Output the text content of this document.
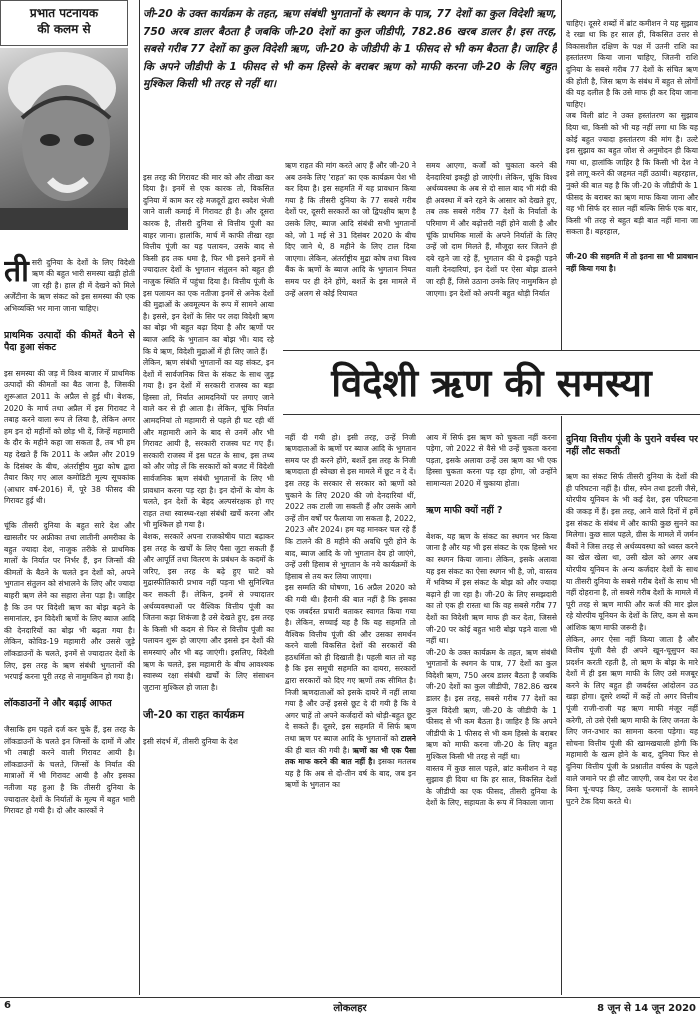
प्रभात पटनायक
की कलम से
जी-20 के उक्त कार्यक्रम के तहत, ऋण संबंधी भुगतानों के स्थगन के पात्र, 77 देशों का कुल विदेशी ऋण, 750 अरब डालर बैठता है जबकि जी-20 देशों का कुल जीडीपी, 782.86 खरब डालर है। इस तरह, सबसे गरीब 77 देशों का कुल विदेशी ऋण, जी-20 के जीडीपी के 1 फीसद से भी कम बैठता है। जाहिर है कि अपने जीडीपी के 1 फीसद से भी कम हिस्से के बराबर ऋण को माफी करना जी-20 के लिए बहुत मुश्किल किसी भी तरह से नहीं था।

तीसरी दुनिया के देशों के लिए विदेशी ऋण की बहुत भारी समस्या खड़ी होती जा रही है। हाल ही में देखने को मिले अर्जेंटीना के ऋण संकट को इस समस्या की एक अभिव्यक्ति भर माना जाना चाहिए।

प्राथमिक उत्पादों की कीमतें बैठने से पैदा हुआ संकट

इस समस्या की जड़ में विश्व बाजार में प्राथमिक उत्पादों की कीमतों का बैठ जाना है, जिसकी शुरूआत 2011 के अप्रैल से हुई थी। बेशक, 2020 के मार्च तथा अप्रैल में इस गिरावट ने तबाह करने वाला रूप ले लिया है, लेकिन अगर हम इन दो महीनों को छोड़ भी दें, जिन्हें महामारी के दौर के महीने कहा जा सकता है, तब भी हम यह देखते हैं कि 2011 के अप्रैल और 2019 के दिसंबर के बीच, अंतर्राष्ट्रीय मुद्रा कोष द्वारा तैयार किए गए आल कमोडिटी मूल्य सूचकांक (आधार वर्ष-2016) में, पूरे 38 फीसद की गिरावट हुई थी।

चूंकि तीसरी दुनिया के बहुत सारे देश और खासतौर पर अफ्रीका तथा लातीनी अमरीका के बहुत ज्यादा देश, नाजुक तरीके से प्राथमिक मालों के निर्यात पर निर्भर हैं, इन जिन्सों की कीमतों के बैठने के चलते इन देशों को, अपने भुगतान संतुलन को संभालने के लिए और ज्यादा बाहरी ऋण लेने का सहारा लेना पड़ा है। जाहिर है कि उन पर विदेशी ऋण का बोझ बढ़ने के समानांतर, इन विदेशी ऋणों के लिए ब्याज आदि की देनदारियों का बोझ भी बढ़ता गया है। लेकिन, कोविड-19 महामारी और उससे जुड़े लॉकडाउनों के चलते, इनमें से ज्यादातर देशों के लिए, इस तरह के ऋण संबंधी भुगतानों की भरपाई करना पूरी तरह से नामुमकिन हो गया है।

लॉकडाउनों ने और बढ़ाई आफत

जैसाकि हम पहले दर्ज कर चुके हैं, इस तरह के लॉकडाउनों के चलते इन जिन्सों के दामों में और भी तबाही करने वाली गिरावट आयी है। लॉकडाउनों के चलते, जिन्सों के निर्यात की मात्राओं में भी गिरावट आयी है और इसका नतीजा यह हुआ है कि तीसरी दुनिया के ज्यादातर देशों के निर्यातों के मूल्य में बहुत भारी गिरावट हो गयी है। दो और कारकों ने

इस तरह की गिरावट की मार को और तीखा कर दिया है। इनमें से एक कारक तो, विकसित दुनिया में काम कर रहे मजदूरों द्वारा स्वदेश भेजी जाने वाली कमाई में गिरावट ही है। और दूसरा कारक है, तीसरी दुनिया से वित्तीय पूंजी का बाहर जाना। हालांकि, मार्च में काफी तीखा रहा वित्तीय पूंजी का यह पलायन, उसके बाद से किसी हद तक थमा है, फिर भी इसने इनमें से ज्यादातर देशों के भुगतान संतुलन को बहुत ही नाजुक स्थिति में पहुंचा दिया है। वित्तीय पूंजी के इस पलायन का एक नतीजा इनमें से अनेक देशों की मुद्राओं के अवमूल्यन के रूप में सामने आया है। इससे, इन देशों के सिर पर लदा विदेशी ऋण का बोझ भी बहुत बढ़ा दिया है और ऋणों पर ब्याज आदि के भुगतान का बोझ भी। याद रहे कि ये ऋण, विदेशी मुद्राओं में ही लिए जाते हैं।
लेकिन, ऋण संबंधी भुगतानों का यह संकट, इन देशों में सार्वजनिक वित्त के संकट के साथ जुड़ गया है। इन देशों में सरकारी राजस्व का बड़ा हिस्सा तो, निर्यात आमदनियों पर लगाए जाने वाले कर से ही आता है। लेकिन, चूंकि निर्यात आमदनियां तो महामारी से पहले ही घट रही थीं और महामारी आने के बाद से उनमें और भी गिरावट आयी है, सरकारी राजस्व घट गए हैं। सरकारी राजस्व में इस घटत के साथ, इस तथ्य को और जोड़ लें कि सरकारों को बजट में विदेशी सार्वजनिक ऋण संबंधी भुगतानों के लिए भी प्रावधान करना पड़ रहा है। इन दोनों के योग के चलते, इन देशों के बेहद अल्पसंरक्षक हो गए राहत तथा स्वास्थ्य-रक्षा संबंधी खर्चे करना और भी मुश्किल हो गया है।
बेशक, सरकारें अपना राजकोषीय घाटा बढ़ाकर इस तरह के खर्चों के लिए पैसा जुटा सकती हैं और आपूर्ति तथा वितरण के प्रबंधन के कदमों के जरिए, इस तरह के बढ़े हुए घाटे को मुद्रास्फीतिकारी प्रभाव नहीं पड़ना भी सुनिश्चित कर सकती हैं। लेकिन, इनमें से ज्यादातर अर्थव्यवस्थाओं पर वैश्विक वित्तीय पूंजी का जितना कड़ा शिकंजा है उसे देखते हुए, इस तरह के किसी भी कदम से फिर से वित्तीय पूंजी का पलायन शुरू हो जाएगा और इससे इन देशों की समस्याएं और भी बढ़ जाएंगी। इसलिए, विदेशी ऋण के चलते, इस महामारी के बीच आवश्यक स्वास्थ्य रक्षा संबंधी खर्चों के लिए संसाधन जुटाना मुश्किल हो जाता है।

जी-20 का राहत कार्यक्रम

इसी संदर्भ में, तीसरी दुनिया के देश

ऋण राहत की मांग करते आए हैं और जी-20 ने अब उनके लिए 'राहत' का एक कार्यक्रम पेश भी कर दिया है। इस सहमति में यह प्रावधान किया गया है कि तीसरी दुनिया के 77 सबसे गरीब देशों पर, दूसरी सरकारों का जो द्विपक्षीय ऋण है उसके लिए, ब्याज आदि संबंधी सभी भुगतानों को, जो 1 मई से 31 दिसंबर 2020 के बीच दिए जाने थे, 8 महीने के लिए टाल दिया जाएगा। लेकिन, अंतर्राष्ट्रीय मुद्रा कोष तथा विश्व बैंक के ऋणों के ब्याज आदि के भुगतान नियत समय पर ही देने होंगे, बशर्ते के इस मामले में उन्हें अलग से कोई रियायत
समय आएगा, कर्जों को चुकाता करने की देनदारियां इकट्ठी हो जाएंगी। लेकिन, चूंकि विश्व अर्थव्यवस्था के अब से दो साल बाद भी मंदी की ही अवस्था में बने रहने के आसार को देखते हुए, तब तक सबसे गरीब 77 देशों के निर्यातों के परिमाण में और बढ़ोत्तरी नहीं होने वाली है और चूंकि प्राथमिक मालों के अपने निर्यातों के लिए उन्हें जो दाम मिलते हैं, मौजूदा स्तर जितने ही दबे रहने जा रहे हैं, भुगतान की ये इकट्ठी पड़ने वाली देनदारियां, इन देशों पर ऐसा बोझ डालने जा रही हैं, जिसे उठाना उनके लिए नामुमकिन हो जाएगा। इन देशों को अपनी बहुत थोड़ी निर्यात

चाहिए। दूसरे शब्दों में ब्रांट कमीशन ने यह सुझाव दे रखा था कि हर साल ही, विकसित उत्तर से विकासशील दक्षिण के पक्ष में उतनी राशि का हस्तांतरण किया जाना चाहिए, जितनी राशि दुनिया के सबसे गरीब 77 देशों के संचित ऋण की होती है, जिस ऋण के संबंध में बहुत से लोगों की यह दलील है कि उसे माफ ही कर दिया जाना चाहिए।
जब विली ब्रांट ने उक्त हस्तांतरण का सुझाव दिया था, किसी को भी यह नहीं लगा था कि यह कोई बहुत ज्यादा हस्तांतरण की मांग है। उल्टे इस सुझाव का बहुत जोश से अनुमोदन ही किया गया था, हालांकि जाहिर है कि किसी भी देश ने इसे लागू करने की जहमत नहीं उठायी। बहरहाल, नुक्ते की बात यह है कि जी-20 के जीडीपी के 1 फीसद के बराबर का ऋण माफ किया जाना और वह भी सिर्फ दर साल नहीं बल्कि सिर्फ एक बार, किसी भी तरह से बहुत बड़ी बात नहीं माना जा सकता है। बहरहाल,

जी-20 की सहमति में तो इतना सा भी प्रावधान नहीं किया गया है।

विदेशी ऋण की समस्या

नहीं दी गयी हो। इसी तरह, उन्हें निजी ऋणदाताओं के ऋणों पर ब्याज आदि के भुगतान समय पर ही करने होंगे, बशर्ते इस तरह के निजी ऋणदाता ही स्वेच्छा से इस मामले में छूट न दे दें। इस तरह के सरकार से सरकार को ऋणों को चुकाने के लिए 2020 की जो देनदारियां थीं, 2022 तक टाली जा सकती हैं और उसके आगे उन्हें तीन वर्षों पर फैलाया जा सकता है, 2022, 2023 और 2024। हम यह मानकर चल रहे हैं कि टालने की 8 महीने की अवधि पूरी होने के बाद, ब्याज आदि के जो भुगतान देय हो जाएंगे, उन्हें उसी हिसाब से भुगतान के नये कार्यक्रमों के हिसाब से तय कर लिया जाएगा।
इस सम्मति की घोषणा, 16 अप्रैल 2020 को की गयी थी। हैरानी की बात नहीं है कि इसका एक जबर्दस्त प्रचारी बताकर स्वागत किया गया है। लेकिन, सच्चाई यह है कि यह सहमति तो वैश्विक वित्तीय पूंजी की और उसका समर्थन करने वाली विकसित देशों की सरकारों की हठधर्मिता को ही दिखाती है। पहली बात तो यह है कि इस समूची सहमति का दायरा, सरकारों द्वारा सरकारों को दिए गए ऋणों तक सीमित है। निजी ऋणदाताओं को इसके दायरे में नहीं लाया गया है और उन्हें इससे छूट दे दी गयी है कि वे अगर चाहें तो अपने कर्जदारों को थोड़ी-बहुत छूट दे सकते हैं। दूसरे, इस सहमति में सिर्फ ऋण तथा ऋण पर ब्याज आदि के भुगतानों को टालने की ही बात की गयी है। ऋणों का भी एक पैसा तक माफ करने की बात नहीं है। इसका मतलब यह है कि अब से दो-तीन वर्ष के बाद, जब इन ऋणों के भुगतान का

आय में सिर्फ इस ऋण को चुकता नहीं करना पड़ेगा, जो 2022 से वैसे भी उन्हें चुकता करना पड़ता, इसके अलावा उन्हें उस ऋण का भी एक हिस्सा चुकता करना पड़ रहा होगा, जो उन्होंने सामान्यतः 2020 में चुकाया होता।

ऋण माफी क्यों नहीं ?

बेशक, यह ऋण के संकट का स्थगन भर किया जाना है और यह भी इस संकट के एक हिस्से भर का स्थगन किया जाना। लेकिन, इसके अलावा यह इस संकट का ऐसा स्थगन भी है, जो, वास्तव में भविष्य में इस संकट के बोझ को और ज्यादा बढ़ाने ही जा रहा है। जी-20 के लिए समझदारी का तो एक ही रास्ता था कि वह सबसे गरीब 77 देशों का विदेशी ऋण माफ ही कर देता, जिससे जी-20 पर कोई बहुत भारी बोझ पड़ने वाला भी नहीं था।
जी-20 के उक्त कार्यक्रम के तहत, ऋण संबंधी भुगतानों के स्थगन के पात्र, 77 देशों का कुल विदेशी ऋण, 750 अरब डालर बैठता है जबकि जी-20 देशों का कुल जीडीपी, 782.86 खरब डालर है। इस तरह, सबसे गरीब 77 देशों का कुल विदेशी ऋण, जी-20 के जीडीपी के 1 फीसद से भी कम बैठता है। जाहिर है कि अपने जीडीपी के 1 फीसद से भी कम हिस्से के बराबर ऋण को माफी करना जी-20 के लिए बहुत मुश्किल किसी भी तरह से नहीं था।
वास्तव में कुछ साल पहले, ब्रांट कमीशन ने यह सुझाव ही दिया था कि हर साल, विकसित देशों के जीडीपी का एक फीसद, तीसरी दुनिया के देशों के लिए, सहायता के रूप में निकाला जाना

दुनिया वित्तीय पूंजी के पुराने वर्चस्व पर नहीं लौट सकती

ऋण का संकट सिर्फ तीसरी दुनिया के देशों की ही परिघटना नहीं है। ग्रीस, स्पेन तथा इटली जैसे, योरपीय यूनियन के भी कई देश, इस परिघटना की जकड़ में हैं। इस तरह, आने वाले दिनों में हमें इस संकट के संबंध में और काफी कुछ सुनने का मिलेगा। कुछ साल पहले, ग्रीस के मामले में जर्मन बैंकों ने जिस तरह से अर्थव्यवस्था को ध्वस्त करने का खेल खेला था, उसी खेल को अगर अब योरपीय यूनियन के अन्य कर्जदार देशों के साथ या तीसरी दुनिया के सबसे गरीब देशों के साथ भी नहीं दोहराना है, तो सबसे गरीब देशों के मामले में पूरी तरह से ऋण माफी और कर्ज की मार झेल रहे योरपीय यूनियन के देशों के लिए, कम से कम आंशिक ऋण माफी जरूरी है।
लेकिन, अगर ऐसा नहीं किया जाता है और वित्तीय पूंजी वैसे ही अपने खून-चूसुपन का प्रदर्शन करती रहती है, तो ऋण के बोझ के मारे देशों में ही इस ऋण माफी के लिए उसे मजबूर करने के लिए बहुत ही जबर्दस्त आंदोलन उठ खड़ा होगा। दूसरे शब्दों में कहें तो अगर वित्तीय पूंजी राजी-राजी यह ऋण माफी मंजूर नहीं करेगी, तो उसे ऐसी ऋण माफी के लिए जनता के लिए जन-उभार का सामना करना पड़ेगा। यह सोचना वित्तीय पूंजी की खामखयाली होगी कि महामारी के खत्म होने के बाद, दुनिया फिर से दुनिया वित्तीय पूंजी के प्रश्नातीत वर्चस्व के पहले वाले जमाने पर ही लौट जाएगी, जब देश पर देश बिना चूं-चपड़ किए, उसके फरमानों के सामने घुटने टेक दिया करते थे।

6	लोकलहर	8 जून से 14 जून 2020
